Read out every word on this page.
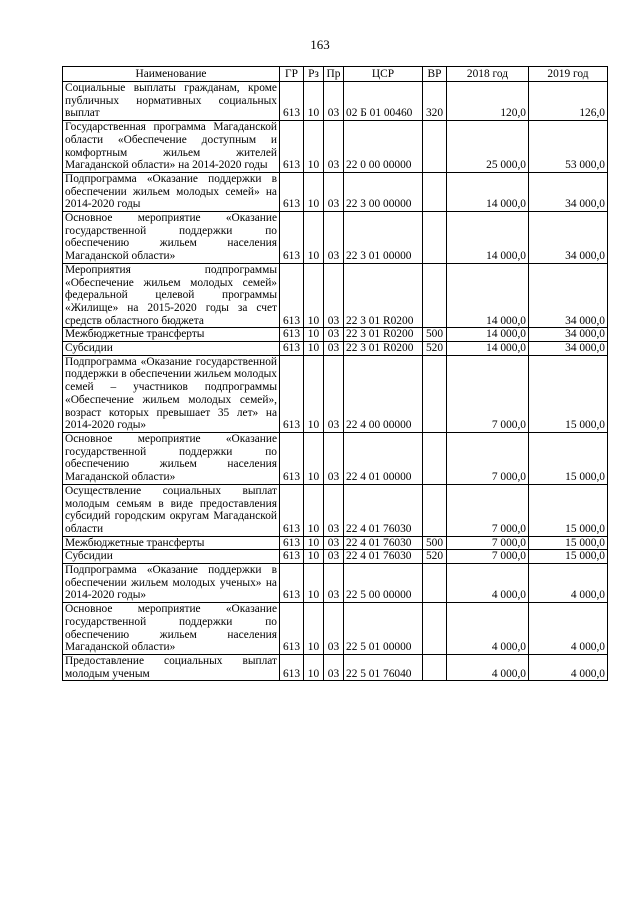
163
Наименование	ГР	Рз	Пр	ЦСР	ВР	2018 год	2019 год
Социальные выплаты гражданам, кроме публичных нормативных социальных выплат	613	10	03	02 Б 01 00460	320	120,0	126,0
Государственная программа Магаданской области «Обеспечение доступным и комфортным жильем жителей Магаданской области» на 2014-2020 годы	613	10	03	22 0 00 00000		25 000,0	53 000,0
Подпрограмма «Оказание поддержки в обеспечении жильем молодых семей» на 2014-2020 годы	613	10	03	22 3 00 00000		14 000,0	34 000,0
Основное мероприятие «Оказание государственной поддержки по обеспечению жильем населения Магаданской области»	613	10	03	22 3 01 00000		14 000,0	34 000,0
Мероприятия подпрограммы «Обеспечение жильем молодых семей» федеральной целевой программы «Жилище» на 2015-2020 годы за счет средств областного бюджета	613	10	03	22 3 01 R0200		14 000,0	34 000,0
Межбюджетные трансферты	613	10	03	22 3 01 R0200	500	14 000,0	34 000,0
Субсидии	613	10	03	22 3 01 R0200	520	14 000,0	34 000,0
Подпрограмма «Оказание государственной поддержки в обеспечении жильем молодых семей – участников подпрограммы «Обеспечение жильем молодых семей», возраст которых превышает 35 лет» на 2014-2020 годы»	613	10	03	22 4 00 00000		7 000,0	15 000,0
Основное мероприятие «Оказание государственной поддержки по обеспечению жильем населения Магаданской области»	613	10	03	22 4 01 00000		7 000,0	15 000,0
Осуществление социальных выплат молодым семьям в виде предоставления субсидий городским округам Магаданской области	613	10	03	22 4 01 76030		7 000,0	15 000,0
Межбюджетные трансферты	613	10	03	22 4 01 76030	500	7 000,0	15 000,0
Субсидии	613	10	03	22 4 01 76030	520	7 000,0	15 000,0
Подпрограмма «Оказание поддержки в обеспечении жильем молодых ученых» на 2014-2020 годы»	613	10	03	22 5 00 00000		4 000,0	4 000,0
Основное мероприятие «Оказание государственной поддержки по обеспечению жильем населения Магаданской области»	613	10	03	22 5 01 00000		4 000,0	4 000,0
Предоставление социальных выплат молодым ученым	613	10	03	22 5 01 76040		4 000,0	4 000,0
